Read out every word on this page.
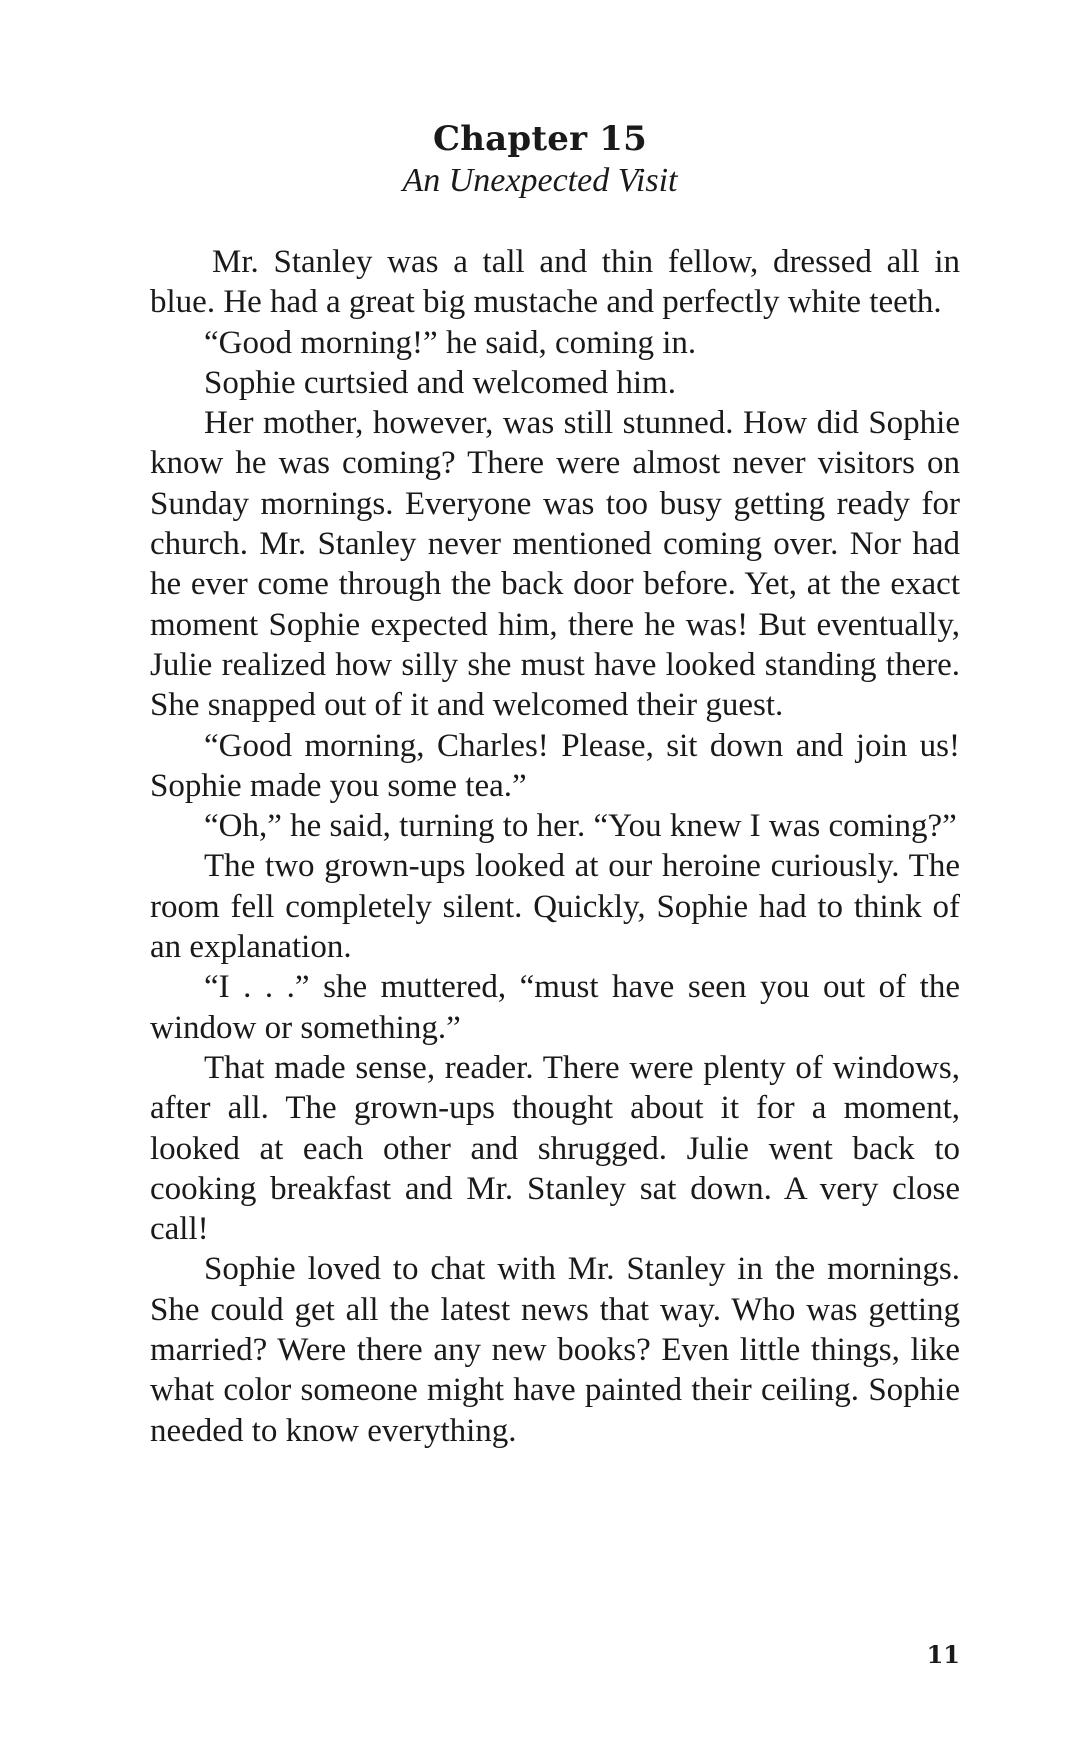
Chapter 15
An Unexpected Visit

Mr. Stanley was a tall and thin fellow, dressed all in blue. He had a great big mustache and perfectly white teeth.

“Good morning!” he said, coming in.

Sophie curtsied and welcomed him.

Her mother, however, was still stunned. How did Sophie know he was coming? There were almost never visitors on Sunday mornings. Everyone was too busy getting ready for church. Mr. Stanley never mentioned coming over. Nor had he ever come through the back door before. Yet, at the exact moment Sophie expected him, there he was! But eventually, Julie realized how silly she must have looked standing there. She snapped out of it and welcomed their guest.

“Good morning, Charles! Please, sit down and join us! Sophie made you some tea.”

“Oh,” he said, turning to her. “You knew I was coming?”

The two grown-ups looked at our heroine curiously. The room fell completely silent. Quickly, Sophie had to think of an explanation.

“I . . .” she muttered, “must have seen you out of the window or something.”

That made sense, reader. There were plenty of windows, after all. The grown-ups thought about it for a moment, looked at each other and shrugged. Julie went back to cooking breakfast and Mr. Stanley sat down. A very close call!

Sophie loved to chat with Mr. Stanley in the mornings. She could get all the latest news that way. Who was getting married? Were there any new books? Even little things, like what color someone might have painted their ceiling. Sophie needed to know everything.

11
